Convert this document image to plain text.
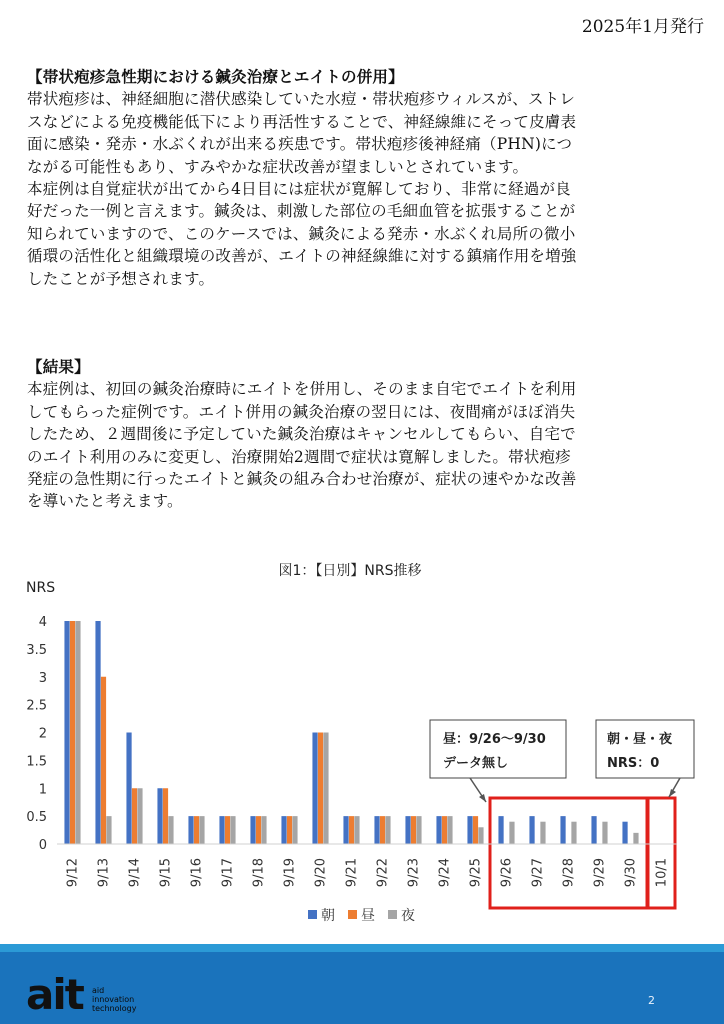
2025年1月発行

【帯状疱疹急性期における鍼灸治療とエイトの併用】

帯状疱疹は、神経細胞に潜伏感染していた水痘・帯状疱疹ウィルスが、ストレ

スなどによる免疫機能低下により再活性することで、神経線維にそって皮膚表

面に感染・発赤・水ぶくれが出来る疾患です。帯状疱疹後神経痛（PHN)につ

ながる可能性もあり、すみやかな症状改善が望ましいとされています。

本症例は自覚症状が出てから4日目には症状が寛解しており、非常に経過が良

好だった一例と言えます。鍼灸は、刺激した部位の毛細血管を拡張することが

知られていますので、このケースでは、鍼灸による発赤・水ぶくれ局所の微小

循環の活性化と組織環境の改善が、エイトの神経線維に対する鎮痛作用を増強

したことが予想されます。

【結果】

本症例は、初回の鍼灸治療時にエイトを併用し、そのまま自宅でエイトを利用

してもらった症例です。エイト併用の鍼灸治療の翌日には、夜間痛がほぼ消失

したため、２週間後に予定していた鍼灸治療はキャンセルしてもらい、自宅で

のエイト利用のみに変更し、治療開始2週間で症状は寛解しました。帯状疱疹

発症の急性期に行ったエイトと鍼灸の組み合わせ治療が、症状の速やかな改善

を導いたと考えます。

図1：【日別】NRS推移
NRS
昼：9/26〜9/30
データ無し
朝・昼・夜
NRS：0
朝 昼 夜
0
0.5
1
1.5
2
2.5
3
3.5
4
9/12 9/13 9/14 9/15 9/16 9/17 9/18 9/19 9/20 9/21 9/22 9/23 9/24 9/25 9/26 9/27 9/28 9/29 9/30 10/1
ait aid
innovation
technology
2
